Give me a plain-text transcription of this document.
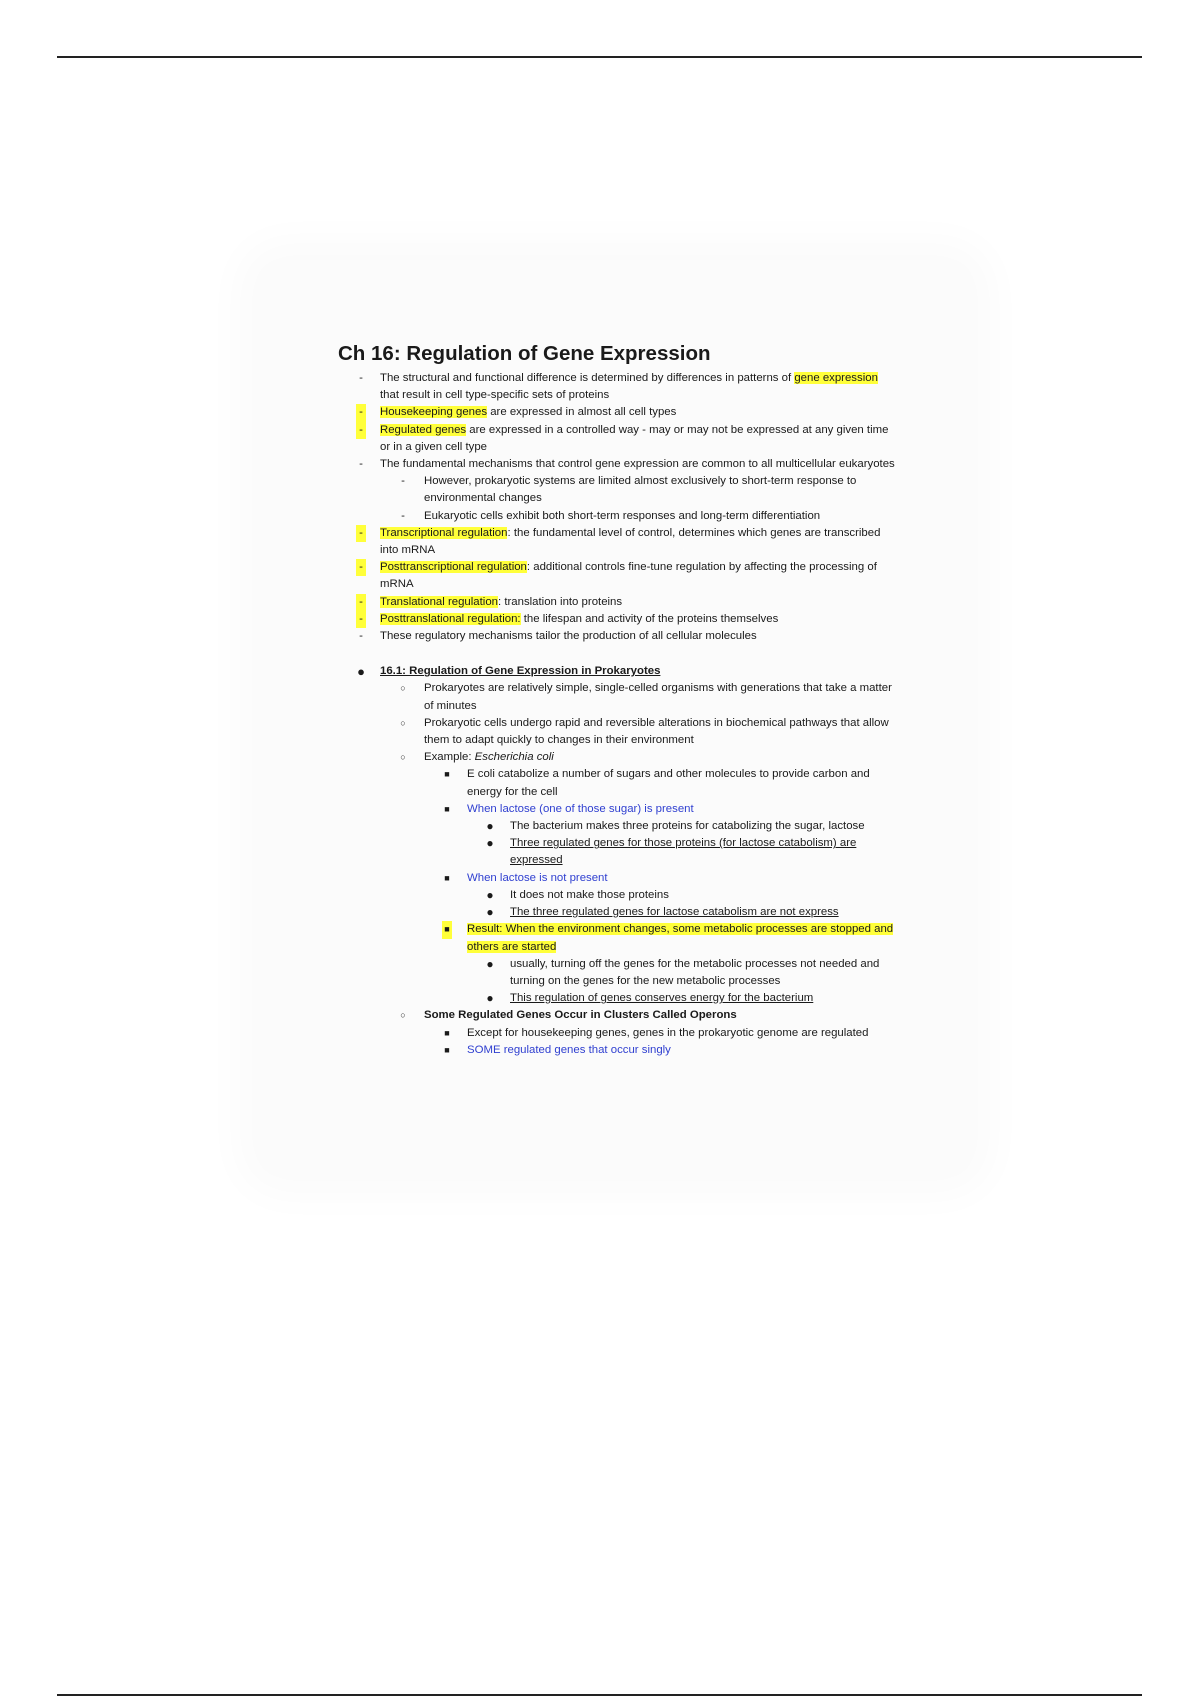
Ch 16: Regulation of Gene Expression
- The structural and functional difference is determined by differences in patterns of gene expression that result in cell type-specific sets of proteins
- Housekeeping genes are expressed in almost all cell types
- Regulated genes are expressed in a controlled way - may or may not be expressed at any given time or in a given cell type
- The fundamental mechanisms that control gene expression are common to all multicellular eukaryotes
- However, prokaryotic systems are limited almost exclusively to short-term response to environmental changes
- Eukaryotic cells exhibit both short-term responses and long-term differentiation
- Transcriptional regulation: the fundamental level of control, determines which genes are transcribed into mRNA
- Posttranscriptional regulation: additional controls fine-tune regulation by affecting the processing of mRNA
- Translational regulation: translation into proteins
- Posttranslational regulation: the lifespan and activity of the proteins themselves
- These regulatory mechanisms tailor the production of all cellular molecules
● 16.1: Regulation of Gene Expression in Prokaryotes
○ Prokaryotes are relatively simple, single-celled organisms with generations that take a matter of minutes
○ Prokaryotic cells undergo rapid and reversible alterations in biochemical pathways that allow them to adapt quickly to changes in their environment
○ Example: Escherichia coli
■ E coli catabolize a number of sugars and other molecules to provide carbon and energy for the cell
■ When lactose (one of those sugar) is present
● The bacterium makes three proteins for catabolizing the sugar, lactose
● Three regulated genes for those proteins (for lactose catabolism) are expressed
■ When lactose is not present
● It does not make those proteins
● The three regulated genes for lactose catabolism are not express
■ Result: When the environment changes, some metabolic processes are stopped and others are started
● usually, turning off the genes for the metabolic processes not needed and turning on the genes for the new metabolic processes
● This regulation of genes conserves energy for the bacterium
○ Some Regulated Genes Occur in Clusters Called Operons
■ Except for housekeeping genes, genes in the prokaryotic genome are regulated
■ SOME regulated genes that occur singly
